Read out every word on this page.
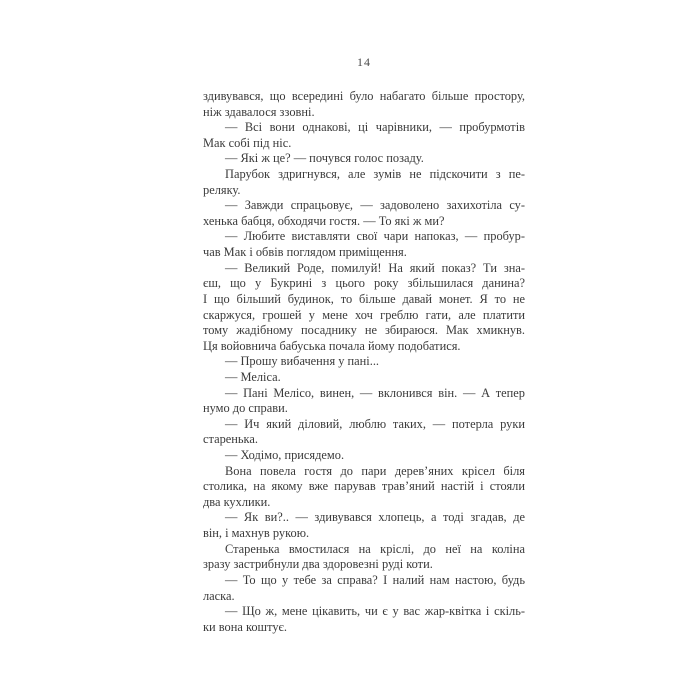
14
здивувався, що всередині було набагато більше простору,
ніж здавалося ззовні.
— Всі вони однакові, ці чарівники, — пробурмотів
Мак собі під ніс.
— Які ж це? — почувся голос позаду.
Парубок здригнувся, але зумів не підскочити з пе-
реляку.
— Завжди спрацьовує, — задоволено захихотіла су-
хенька бабця, обходячи гостя. — То які ж ми?
— Любите виставляти свої чари напоказ, — пробур-
чав Мак і обвів поглядом приміщення.
— Великий Роде, помилуй! На який показ? Ти зна-
єш, що у Букрині з цього року збільшилася данина?
І що більший будинок, то більше давай монет. Я то не
скаржуся, грошей у мене хоч греблю гати, але платити
тому жадібному посаднику не збираюся. Мак хмикнув.
Ця войовнича бабуська почала йому подобатися.
— Прошу вибачення у пані...
— Меліса.
— Пані Мелісо, винен, — вклонився він. — А тепер
нумо до справи.
— Ич який діловий, люблю таких, — потерла руки
старенька.
— Ходімо, присядемо.
Вона повела гостя до пари дерев’яних крісел біля
столика, на якому вже парував трав’яний настій і стояли
два кухлики.
— Як ви?.. — здивувався хлопець, а тоді згадав, де
він, і махнув рукою.
Старенька вмостилася на кріслі, до неї на коліна
зразу застрибнули два здоровезні руді коти.
— То що у тебе за справа? І налий нам настою, будь
ласка.
— Що ж, мене цікавить, чи є у вас жар-квітка і скіль-
ки вона коштує.
